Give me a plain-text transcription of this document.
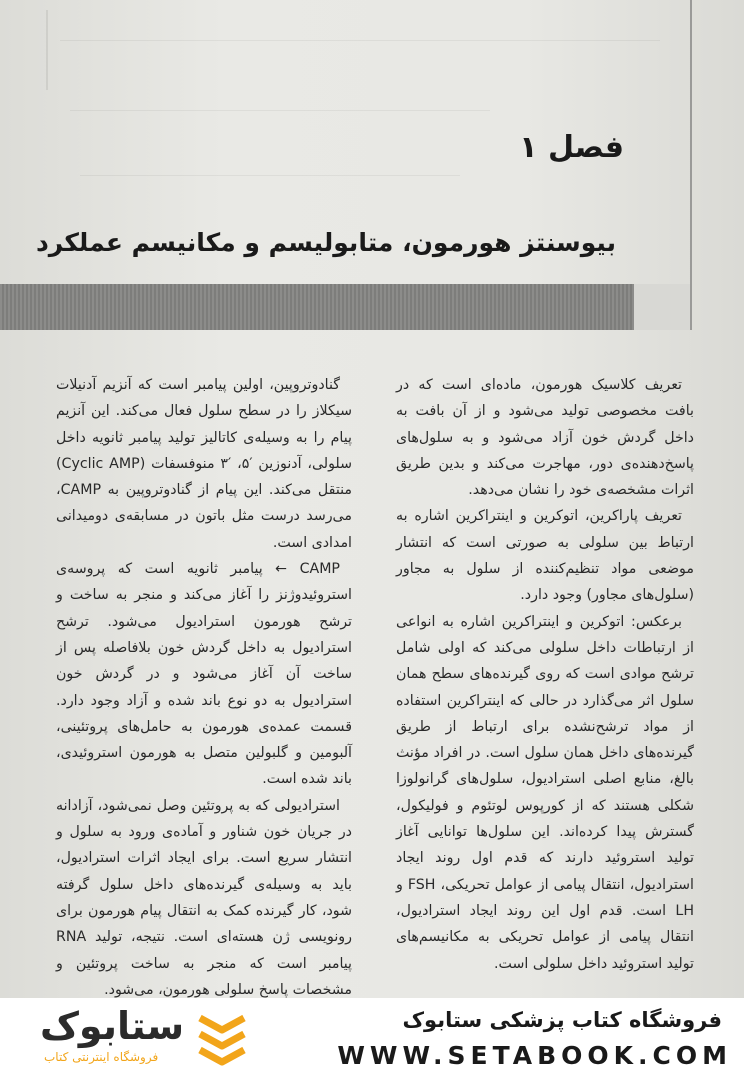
فصل ۱
بیوسنتز هورمون، متابولیسم و مکانیسم عملکرد

تعریف کلاسیک هورمون، ماده‌ای است که در بافت مخصوصی تولید می‌شود و از آن بافت به داخل گردش خون آزاد می‌شود و به سلول‌های پاسخ‌دهنده‌ی دور، مهاجرت می‌کند و بدین طریق اثرات مشخصه‌ی خود را نشان می‌دهد.

تعریف پاراکرین، اتوکرین و اینتراکرین اشاره به ارتباط بین سلولی به صورتی است که انتشار موضعی مواد تنظیم‌کننده از سلول به مجاور (سلول‌های مجاور) وجود دارد.

برعکس: اتوکرین و اینتراکرین اشاره به انواعی از ارتباطات داخل سلولی می‌کند که اولی شامل ترشح موادی است که روی گیرنده‌های سطح همان سلول اثر می‌گذارد در حالی که اینتراکرین استفاده از مواد ترشح‌نشده برای ارتباط از طریق گیرنده‌های داخل همان سلول است. در افراد مؤنث بالغ، منابع اصلی استرادیول، سلول‌های گرانولوزا شکلی هستند که از کورپوس لوتئوم و فولیکول، گسترش پیدا کرده‌اند. این سلول‌ها توانایی آغاز تولید استروئید دارند که قدم اول روند ایجاد استرادیول، انتقال پیامی از عوامل تحریکی، FSH و LH است. قدم اول این روند ایجاد استرادیول، انتقال پیامی از عوامل تحریکی به مکانیسم‌های تولید استروئید داخل سلولی است.

گنادوتروپین، اولین پیامبر است که آنزیم آدنیلات سیکلاز را در سطح سلول فعال می‌کند. این آنزیم پیام را به وسیله‌ی کاتالیز تولید پیامبر ثانویه داخل سلولی، آدنوزین ′۵، ′۳ منوفسفات (Cyclic AMP) منتقل می‌کند. این پیام از گنادوتروپین به CAMP، می‌رسد درست مثل باتون در مسابقه‌ی دومیدانی امدادی است.

CAMP ← پیامبر ثانویه است که پروسه‌ی استروئیدوژنز را آغاز می‌کند و منجر به ساخت و ترشح هورمون استرادیول می‌شود. ترشح استرادیول به داخل گردش خون بلافاصله پس از ساخت آن آغاز می‌شود و در گردش خون استرادیول به دو نوع باند شده و آزاد وجود دارد. قسمت عمده‌ی هورمون به حامل‌های پروتئینی، آلبومین و گلبولین متصل به هورمون استروئیدی، باند شده است.

استرادیولی که به پروتئین وصل نمی‌شود، آزادانه در جریان خون شناور و آماده‌ی ورود به سلول و انتشار سریع است. برای ایجاد اثرات استرادیول، باید به وسیله‌ی گیرنده‌های داخل سلول گرفته شود، کار گیرنده کمک به انتقال پیام هورمون برای رونویسی ژن هسته‌ای است. نتیجه، تولید RNA پیامبر است که منجر به ساخت پروتئین و مشخصات پاسخ سلولی هورمون، می‌شود.

فروشگاه کتاب پزشکی ستابوک
WWW.SETABOOK.COM
ستابوک
فروشگاه اینترنتی کتاب
